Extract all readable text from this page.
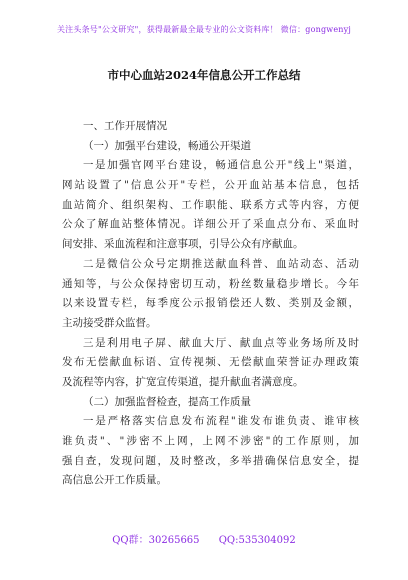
关注头条号"公文研究"，获得最新最全最专业的公文资料库！ 微信：gongwenyj
市中心血站2024年信息公开工作总结
一、工作开展情况
（一）加强平台建设，畅通公开渠道
一是加强官网平台建设，畅通信息公开"线上"渠道，
网站设置了"信息公开"专栏，公开血站基本信息，包括
血站简介、组织架构、工作职能、联系方式等内容，方便
公众了解血站整体情况。详细公开了采血点分布、采血时
间安排、采血流程和注意事项，引导公众有序献血。
二是微信公众号定期推送献血科普、血站动态、活动
通知等，与公众保持密切互动，粉丝数量稳步增长。今年
以来设置专栏，每季度公示报销偿还人数、类别及金额，
主动接受群众监督。
三是利用电子屏、献血大厅、献血点等业务场所及时
发布无偿献血标语、宣传视频、无偿献血荣誉证办理政策
及流程等内容，扩宽宣传渠道，提升献血者满意度。
（二）加强监督检查，提高工作质量
一是严格落实信息发布流程"谁发布谁负责、谁审核
谁负责"、"涉密不上网，上网不涉密"的工作原则，加
强自查，发现问题，及时整改，多举措确保信息安全，提
高信息公开工作质量。
QQ群：30265665 QQ:535304092
